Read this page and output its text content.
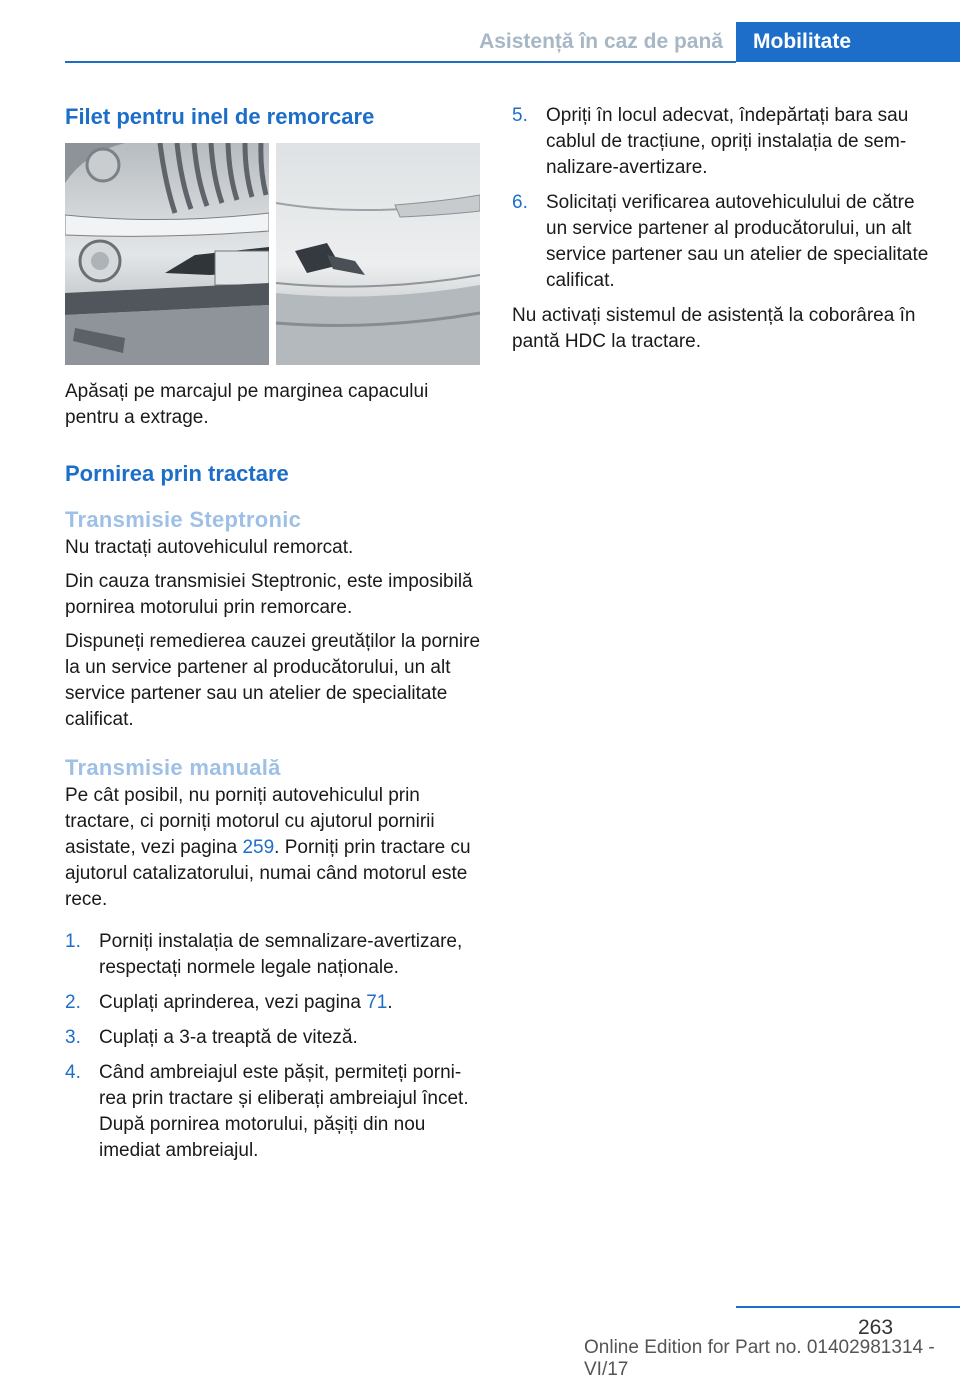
Asistență în caz de pană Mobilitate
Filet pentru inel de remorcare

Apăsați pe marcajul pe marginea capacului pentru a extrage.

Pornirea prin tractare
Transmisie Steptronic

Nu tractați autovehiculul remorcat.

Din cauza transmisiei Steptronic, este imposibilă pornirea motorului prin remorcare.

Dispuneți remedierea cauzei greutăților la pornire la un service partener al producătorului, un alt service partener sau un atelier de specialitate calificat.

Transmisie manuală

Pe cât posibil, nu porniți autovehiculul prin tractare, ci porniți motorul cu ajutorul pornirii asistate, vezi pagina 259. Porniți prin tractare cu ajutorul catalizatorului, numai când motorul este rece.

1. Porniți instalația de semnalizare-avertizare, respectați normele legale naționale.
2. Cuplați aprinderea, vezi pagina 71.
3. Cuplați a 3-a treaptă de viteză.
4. Când ambreiajul este pășit, permiteți pornirea prin tractare și eliberați ambreiajul încet. După pornirea motorului, pășiți din nou imediat ambreiajul.
5. Opriți în locul adecvat, îndepărtați bara sau cablul de tracțiune, opriți instalația de semnalizare-avertizare.
6. Solicitați verificarea autovehiculului de către un service partener al producătorului, un alt service partener sau un atelier de specialitate calificat.

Nu activați sistemul de asistență la coborârea în pantă HDC la tractare.

263
Online Edition for Part no. 01402981314 - VI/17
